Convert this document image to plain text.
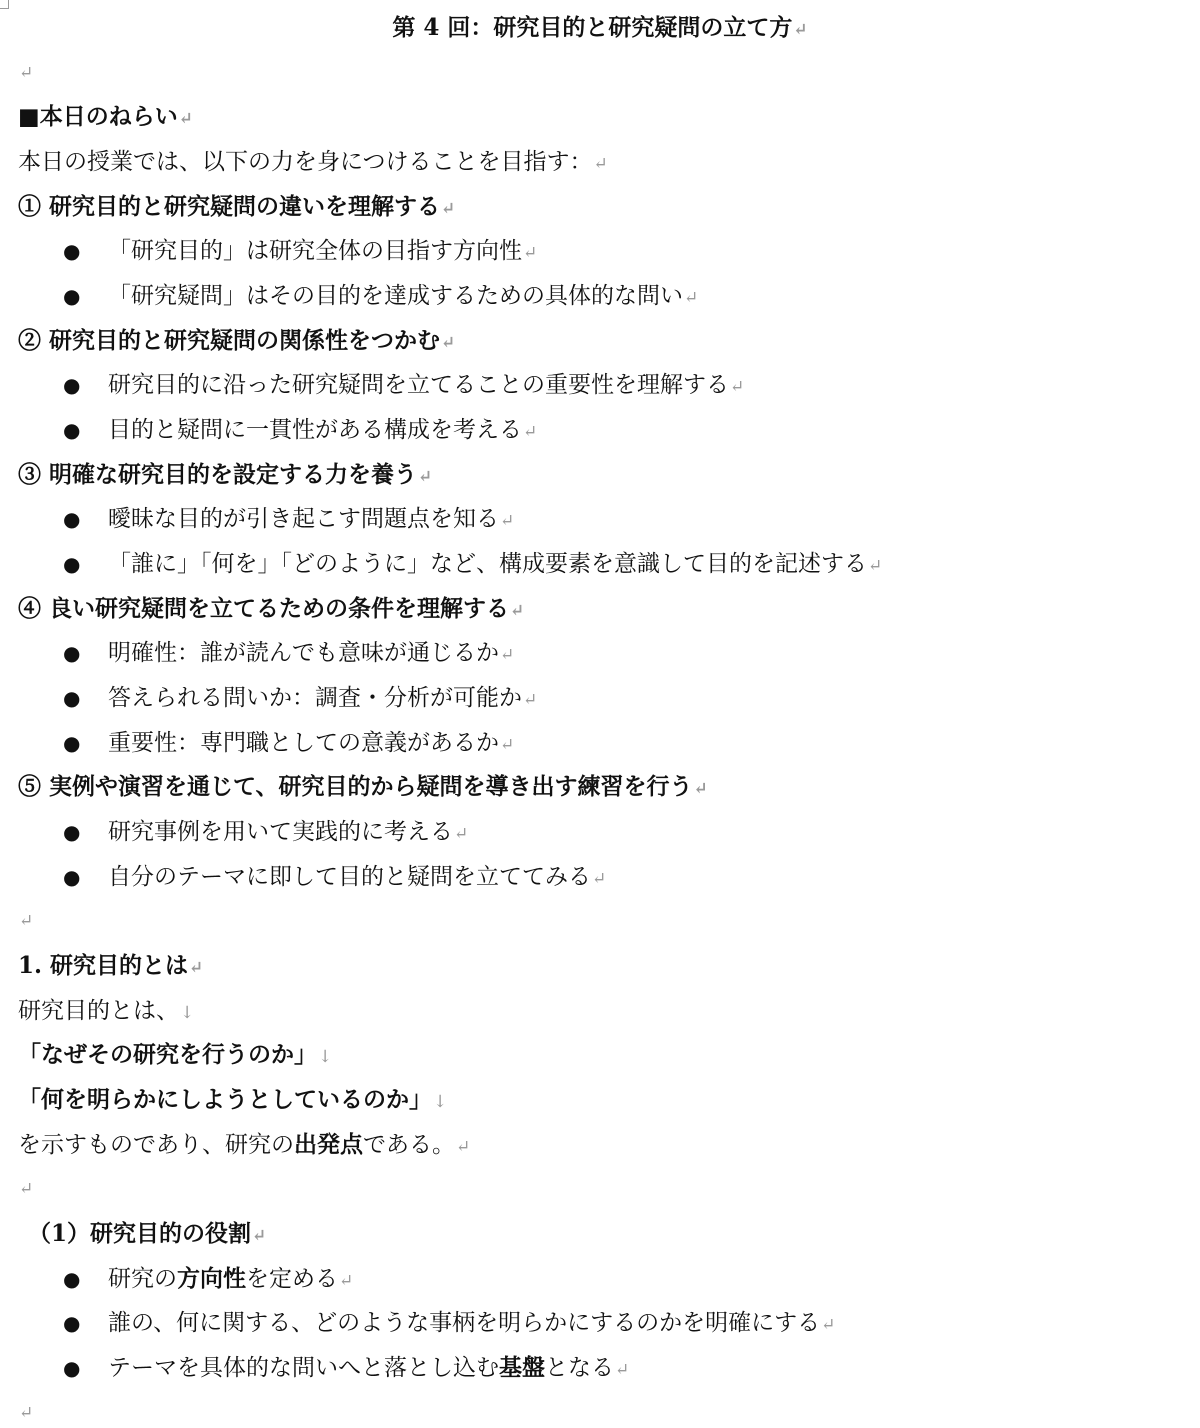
第 4 回：研究目的と研究疑問の立て方↵
↵
■本日のねらい↵
本日の授業では、以下の力を身につけることを目指す：↵
① 研究目的と研究疑問の違いを理解する↵
● 「研究目的」は研究全体の目指す方向性↵
● 「研究疑問」はその目的を達成するための具体的な問い↵
② 研究目的と研究疑問の関係性をつかむ↵
● 研究目的に沿った研究疑問を立てることの重要性を理解する↵
● 目的と疑問に一貫性がある構成を考える↵
③ 明確な研究目的を設定する力を養う↵
● 曖昧な目的が引き起こす問題点を知る↵
● 「誰に」「何を」「どのように」など、構成要素を意識して目的を記述する↵
④ 良い研究疑問を立てるための条件を理解する↵
● 明確性：誰が読んでも意味が通じるか↵
● 答えられる問いか：調査・分析が可能か↵
● 重要性：専門職としての意義があるか↵
⑤ 実例や演習を通じて、研究目的から疑問を導き出す練習を行う↵
● 研究事例を用いて実践的に考える↵
● 自分のテーマに即して目的と疑問を立ててみる↵
↵
1. 研究目的とは↵
研究目的とは、↓
「なぜその研究を行うのか」↓
「何を明らかにしようとしているのか」↓
を示すものであり、研究の出発点である。↵
↵
（1）研究目的の役割↵
● 研究の方向性を定める↵
● 誰の、何に関する、どのような事柄を明らかにするのかを明確にする↵
● テーマを具体的な問いへと落とし込む基盤となる↵
↵
